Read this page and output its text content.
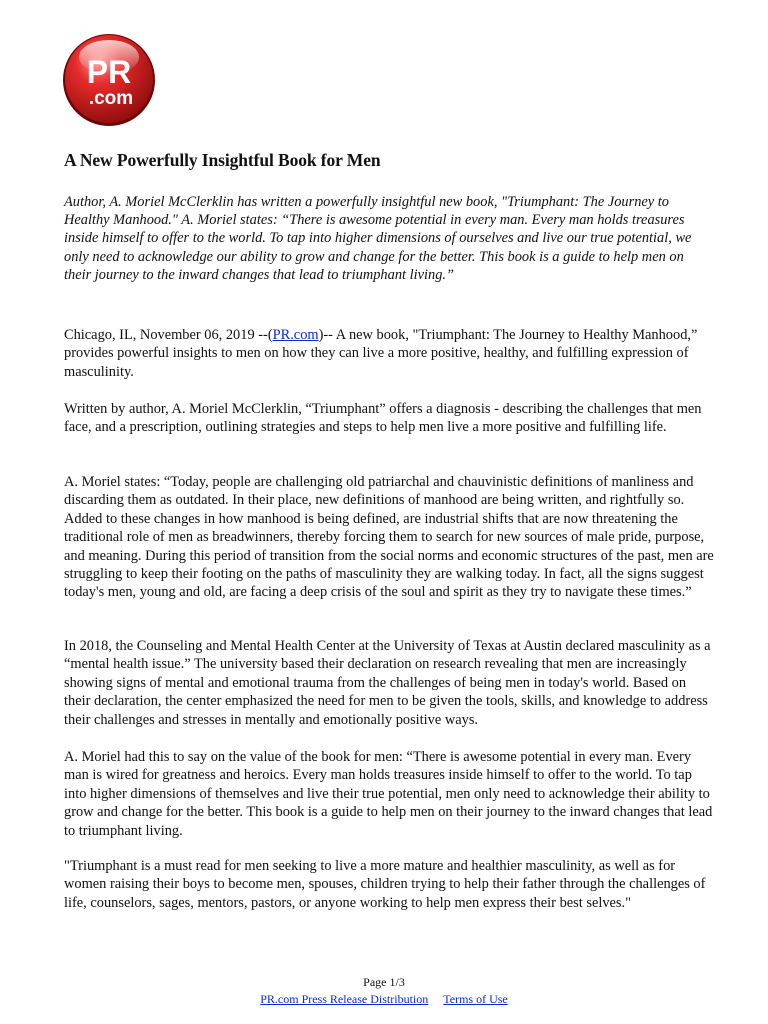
PR
.com
A New Powerfully Insightful Book for Men

Author, A. Moriel McClerklin has written a powerfully insightful new book, "Triumphant: The Journey to Healthy Manhood." A. Moriel states: “There is awesome potential in every man. Every man holds treasures inside himself to offer to the world. To tap into higher dimensions of ourselves and live our true potential, we only need to acknowledge our ability to grow and change for the better. This book is a guide to help men on their journey to the inward changes that lead to triumphant living.”

Chicago, IL, November 06, 2019 --(PR.com)-- A new book, "Triumphant: The Journey to Healthy Manhood,” provides powerful insights to men on how they can live a more positive, healthy, and fulfilling expression of masculinity.

Written by author, A. Moriel McClerklin, “Triumphant” offers a diagnosis - describing the challenges that men face, and a prescription, outlining strategies and steps to help men live a more positive and fulfilling life.

A. Moriel states: “Today, people are challenging old patriarchal and chauvinistic definitions of manliness and discarding them as outdated. In their place, new definitions of manhood are being written, and rightfully so. Added to these changes in how manhood is being defined, are industrial shifts that are now threatening the traditional role of men as breadwinners, thereby forcing them to search for new sources of male pride, purpose, and meaning. During this period of transition from the social norms and economic structures of the past, men are struggling to keep their footing on the paths of masculinity they are walking today. In fact, all the signs suggest today's men, young and old, are facing a deep crisis of the soul and spirit as they try to navigate these times.”

In 2018, the Counseling and Mental Health Center at the University of Texas at Austin declared masculinity as a “mental health issue.” The university based their declaration on research revealing that men are increasingly showing signs of mental and emotional trauma from the challenges of being men in today's world. Based on their declaration, the center emphasized the need for men to be given the tools, skills, and knowledge to address their challenges and stresses in mentally and emotionally positive ways.

A. Moriel had this to say on the value of the book for men: “There is awesome potential in every man. Every man is wired for greatness and heroics. Every man holds treasures inside himself to offer to the world. To tap into higher dimensions of themselves and live their true potential, men only need to acknowledge their ability to grow and change for the better. This book is a guide to help men on their journey to the inward changes that lead to triumphant living.

"Triumphant is a must read for men seeking to live a more mature and healthier masculinity, as well as for women raising their boys to become men, spouses, children trying to help their father through the challenges of life, counselors, sages, mentors, pastors, or anyone working to help men express their best selves."

Page 1/3
PR.com Press Release Distribution Terms of Use
